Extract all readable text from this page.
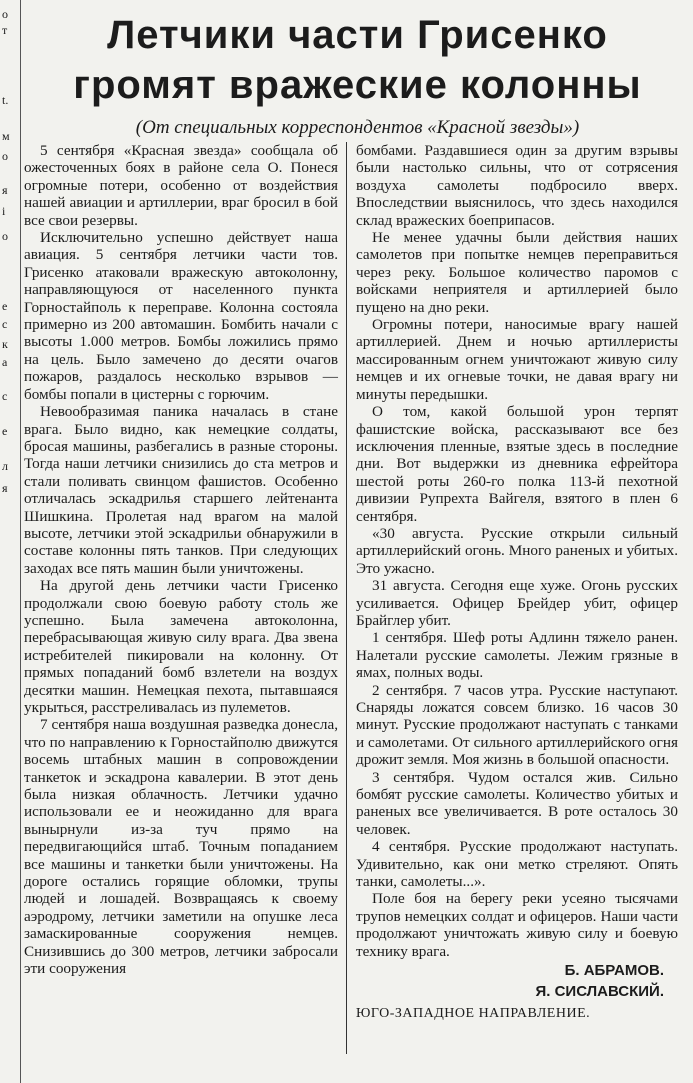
о
т
t.
м
о
я
і
о
е
с
к
а
с
е
л
я
Летчики части Грисенко
громят вражеские колонны
(От специальных корреспондентов «Красной звезды»)

5 сентября «Красная звезда» сообщала об ожесточенных боях в районе села О. Понеся огромные потери, особенно от воздействия нашей авиации и артиллерии, враг бросил в бой все свои резервы.

Исключительно успешно действует наша авиация. 5 сентября летчики части тов. Грисенко атаковали вражескую автоколонну, направляющуюся от населенного пункта Горностайполь к переправе. Колонна состояла примерно из 200 автомашин. Бомбить начали с высоты 1.000 метров. Бомбы ложились прямо на цель. Было замечено до десяти очагов пожаров, раздалось несколько взрывов — бомбы попали в цистерны с горючим.

Невообразимая паника началась в стане врага. Было видно, как немецкие солдаты, бросая машины, разбегались в разные стороны. Тогда наши летчики снизились до ста метров и стали поливать свинцом фашистов. Особенно отличалась эскадрилья старшего лейтенанта Шишкина. Пролетая над врагом на малой высоте, летчики этой эскадрильи обнаружили в составе колонны пять танков. При следующих заходах все пять машин были уничтожены.

На другой день летчики части Грисенко продолжали свою боевую работу столь же успешно. Была замечена автоколонна, перебрасывающая живую силу врага. Два звена истребителей пикировали на колонну. От прямых попаданий бомб взлетели на воздух десятки машин. Немецкая пехота, пытавшаяся укрыться, расстреливалась из пулеметов.

7 сентября наша воздушная разведка донесла, что по направлению к Горностайполю движутся восемь штабных машин в сопровождении танкеток и эскадрона кавалерии. В этот день была низкая облачность. Летчики удачно использовали ее и неожиданно для врага вынырнули из-за туч прямо на передвигающийся штаб. Точным попаданием все машины и танкетки были уничтожены. На дороге остались горящие обломки, трупы людей и лошадей. Возвращаясь к своему аэродрому, летчики заметили на опушке леса замаскированные сооружения немцев. Снизившись до 300 метров, летчики забросали эти сооружения

бомбами. Раздавшиеся один за другим взрывы были настолько сильны, что от сотрясения воздуха самолеты подбросило вверх. Впоследствии выяснилось, что здесь находился склад вражеских боеприпасов.

Не менее удачны были действия наших самолетов при попытке немцев переправиться через реку. Большое количество паромов с войсками неприятеля и артиллерией было пущено на дно реки.

Огромны потери, наносимые врагу нашей артиллерией. Днем и ночью артиллеристы массированным огнем уничтожают живую силу немцев и их огневые точки, не давая врагу ни минуты передышки.

О том, какой большой урон терпят фашистские войска, рассказывают все без исключения пленные, взятые здесь в последние дни. Вот выдержки из дневника ефрейтора шестой роты 260-го полка 113-й пехотной дивизии Рупрехта Вайгеля, взятого в плен 6 сентября.

«30 августа. Русские открыли сильный артиллерийский огонь. Много раненых и убитых. Это ужасно.

31 августа. Сегодня еще хуже. Огонь русских усиливается. Офицер Брейдер убит, офицер Брайглер убит.

1 сентября. Шеф роты Адлинн тяжело ранен. Налетали русские самолеты. Лежим грязные в ямах, полных воды.

2 сентября. 7 часов утра. Русские наступают. Снаряды ложатся совсем близко. 16 часов 30 минут. Русские продолжают наступать с танками и самолетами. От сильного артиллерийского огня дрожит земля. Моя жизнь в большой опасности.

3 сентября. Чудом остался жив. Сильно бомбят русские самолеты. Количество убитых и раненых все увеличивается. В роте осталось 30 человек.

4 сентября. Русские продолжают наступать. Удивительно, как они метко стреляют. Опять танки, самолеты...».

Поле боя на берегу реки усеяно тысячами трупов немецких солдат и офицеров. Наши части продолжают уничтожать живую силу и боевую технику врага.

Б. АБРАМОВ.
Я. СИСЛАВСКИЙ.
ЮГО-ЗАПАДНОЕ НАПРАВЛЕНИЕ.
